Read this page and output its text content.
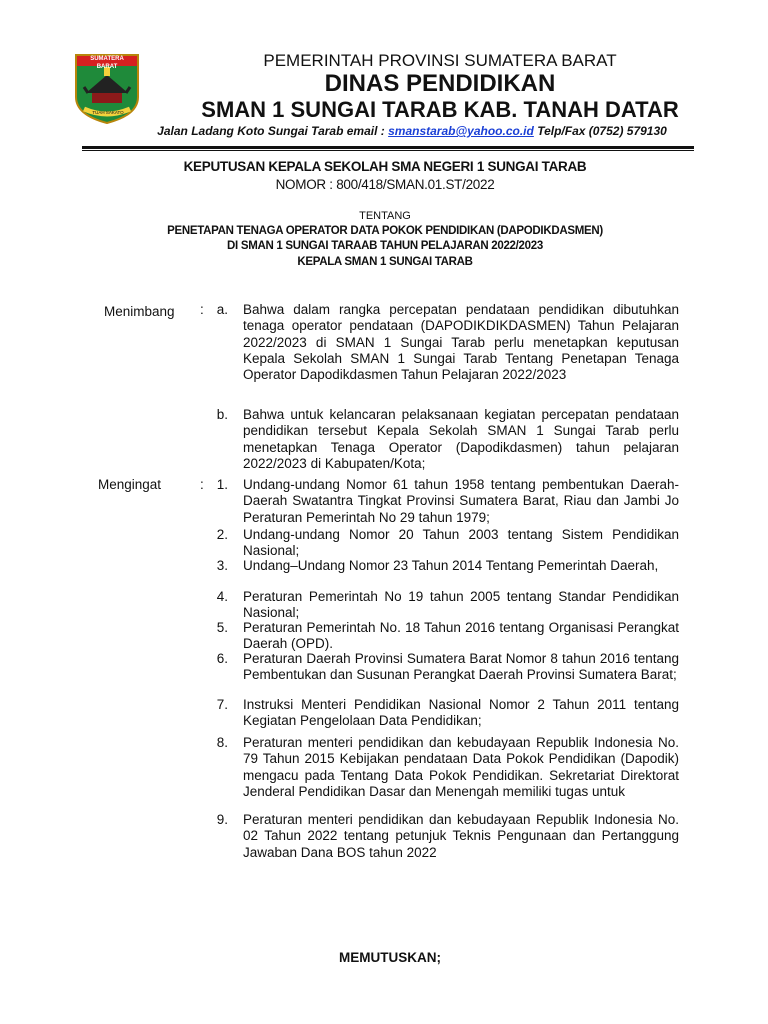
SUMATERA BARAT
TUAH SAKATO
PEMERINTAH PROVINSI SUMATERA BARAT
DINAS PENDIDIKAN
SMAN 1 SUNGAI TARAB KAB. TANAH DATAR
Jalan Ladang Koto Sungai Tarab email : smanstarab@yahoo.co.id Telp/Fax (0752) 579130
KEPUTUSAN KEPALA SEKOLAH SMA NEGERI 1 SUNGAI TARAB
NOMOR : 800/418/SMAN.01.ST/2022
TENTANG
PENETAPAN TENAGA OPERATOR DATA POKOK PENDIDIKAN (DAPODIKDASMEN)
DI SMAN 1 SUNGAI TARAAB TAHUN PELAJARAN 2022/2023
KEPALA SMAN 1 SUNGAI TARAB
Menimbang : a. Bahwa dalam rangka percepatan pendataan pendidikan dibutuhkan tenaga operator pendataan (DAPODIKDIKDASMEN) Tahun Pelajaran 2022/2023 di SMAN 1 Sungai Tarab perlu menetapkan keputusan Kepala Sekolah SMAN 1 Sungai Tarab Tentang Penetapan Tenaga Operator Dapodikdasmen Tahun Pelajaran 2022/2023

b. Bahwa untuk kelancaran pelaksanaan kegiatan percepatan pendataan pendidikan tersebut Kepala Sekolah SMAN 1 Sungai Tarab perlu menetapkan Tenaga Operator (Dapodikdasmen) tahun pelajaran 2022/2023 di Kabupaten/Kota;

Mengingat	: 1. Undang-undang Nomor 61 tahun 1958 tentang pembentukan Daerah-Daerah Swatantra Tingkat Provinsi Sumatera Barat, Riau dan Jambi Jo Peraturan Pemerintah No 29 tahun 1979;

2. Undang-undang Nomor 20 Tahun 2003 tentang Sistem Pendidikan Nasional;

3. Undang–Undang Nomor 23 Tahun 2014 Tentang Pemerintah Daerah,

4. Peraturan Pemerintah No 19 tahun 2005 tentang Standar Pendidikan Nasional;

5. Peraturan Pemerintah No. 18 Tahun 2016 tentang Organisasi Perangkat Daerah (OPD).

6. Peraturan Daerah Provinsi Sumatera Barat Nomor 8 tahun 2016 tentang Pembentukan dan Susunan Perangkat Daerah Provinsi Sumatera Barat;

7. Instruksi Menteri Pendidikan Nasional Nomor 2 Tahun 2011 tentang Kegiatan Pengelolaan Data Pendidikan;

8. Peraturan menteri pendidikan dan kebudayaan Republik Indonesia No. 79 Tahun 2015 Kebijakan pendataan Data Pokok Pendidikan (Dapodik) mengacu pada Tentang Data Pokok Pendidikan. Sekretariat Direktorat Jenderal Pendidikan Dasar dan Menengah memiliki tugas untuk

9. Peraturan menteri pendidikan dan kebudayaan Republik Indonesia No. 02 Tahun 2022 tentang petunjuk Teknis Pengunaan dan Pertanggung Jawaban Dana BOS tahun 2022

MEMUTUSKAN;
